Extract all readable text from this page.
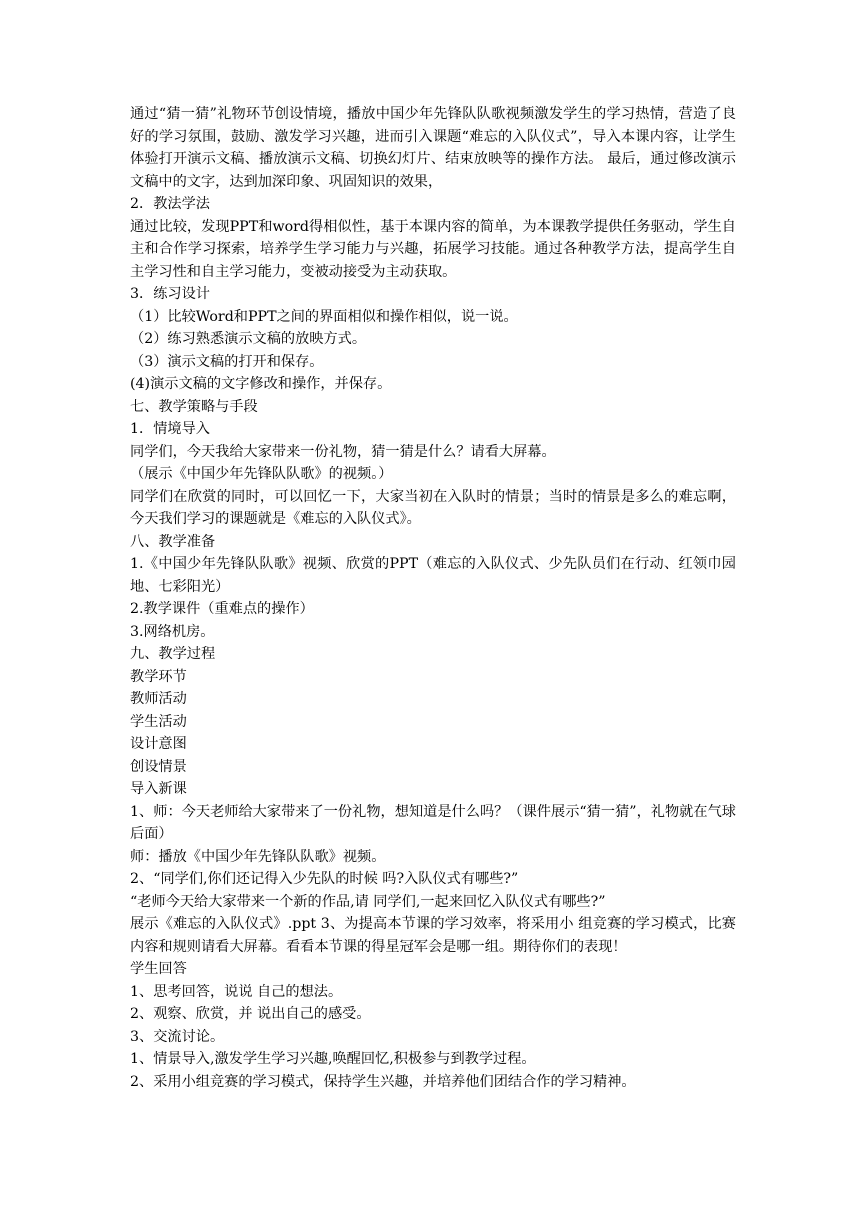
通过“猜一猜”礼物环节创设情境，播放中国少年先锋队队歌视频激发学生的学习热情，营造了良好的学习氛围，鼓励、激发学习兴趣，进而引入课题“难忘的入队仪式”，导入本课内容，让学生体验打开演示文稿、播放演示文稿、切换幻灯片、结束放映等的操作方法。 最后，通过修改演示文稿中的文字，达到加深印象、巩固知识的效果，

2．教法学法

通过比较，发现PPT和word得相似性，基于本课内容的简单，为本课教学提供任务驱动，学生自主和合作学习探索，培养学生学习能力与兴趣，拓展学习技能。通过各种教学方法，提高学生自主学习性和自主学习能力，变被动接受为主动获取。

3．练习设计

（1）比较Word和PPT之间的界面相似和操作相似，说一说。

（2）练习熟悉演示文稿的放映方式。

（3）演示文稿的打开和保存。

(4)演示文稿的文字修改和操作，并保存。

七、教学策略与手段

1．情境导入

同学们，今天我给大家带来一份礼物，猜一猜是什么？请看大屏幕。

（展示《中国少年先锋队队歌》的视频。）

同学们在欣赏的同时，可以回忆一下，大家当初在入队时的情景；当时的情景是多么的难忘啊，今天我们学习的课题就是《难忘的入队仪式》。

八、教学准备

1.《中国少年先锋队队歌》视频、欣赏的PPT（难忘的入队仪式、少先队员们在行动、红领巾园地、七彩阳光）

2.教学课件（重难点的操作）

3.网络机房。

九、教学过程

教学环节

教师活动

学生活动

设计意图

创设情景

导入新课

1、师：今天老师给大家带来了一份礼物，想知道是什么吗？（课件展示“猜一猜”，礼物就在气球后面）

师：播放《中国少年先锋队队歌》视频。

2、“同学们,你们还记得入少先队的时候 吗?入队仪式有哪些?”

“老师今天给大家带来一个新的作品,请 同学们,一起来回忆入队仪式有哪些?”

展示《难忘的入队仪式》.ppt 3、为提高本节课的学习效率，将采用小 组竞赛的学习模式，比赛内容和规则请看大屏幕。看看本节课的得星冠军会是哪一组。期待你们的表现！

学生回答

1、思考回答，说说 自己的想法。

2、观察、欣赏，并 说出自己的感受。

3、交流讨论。

1、情景导入,激发学生学习兴趣,唤醒回忆,积极参与到教学过程。

2、采用小组竞赛的学习模式，保持学生兴趣，并培养他们团结合作的学习精神。
